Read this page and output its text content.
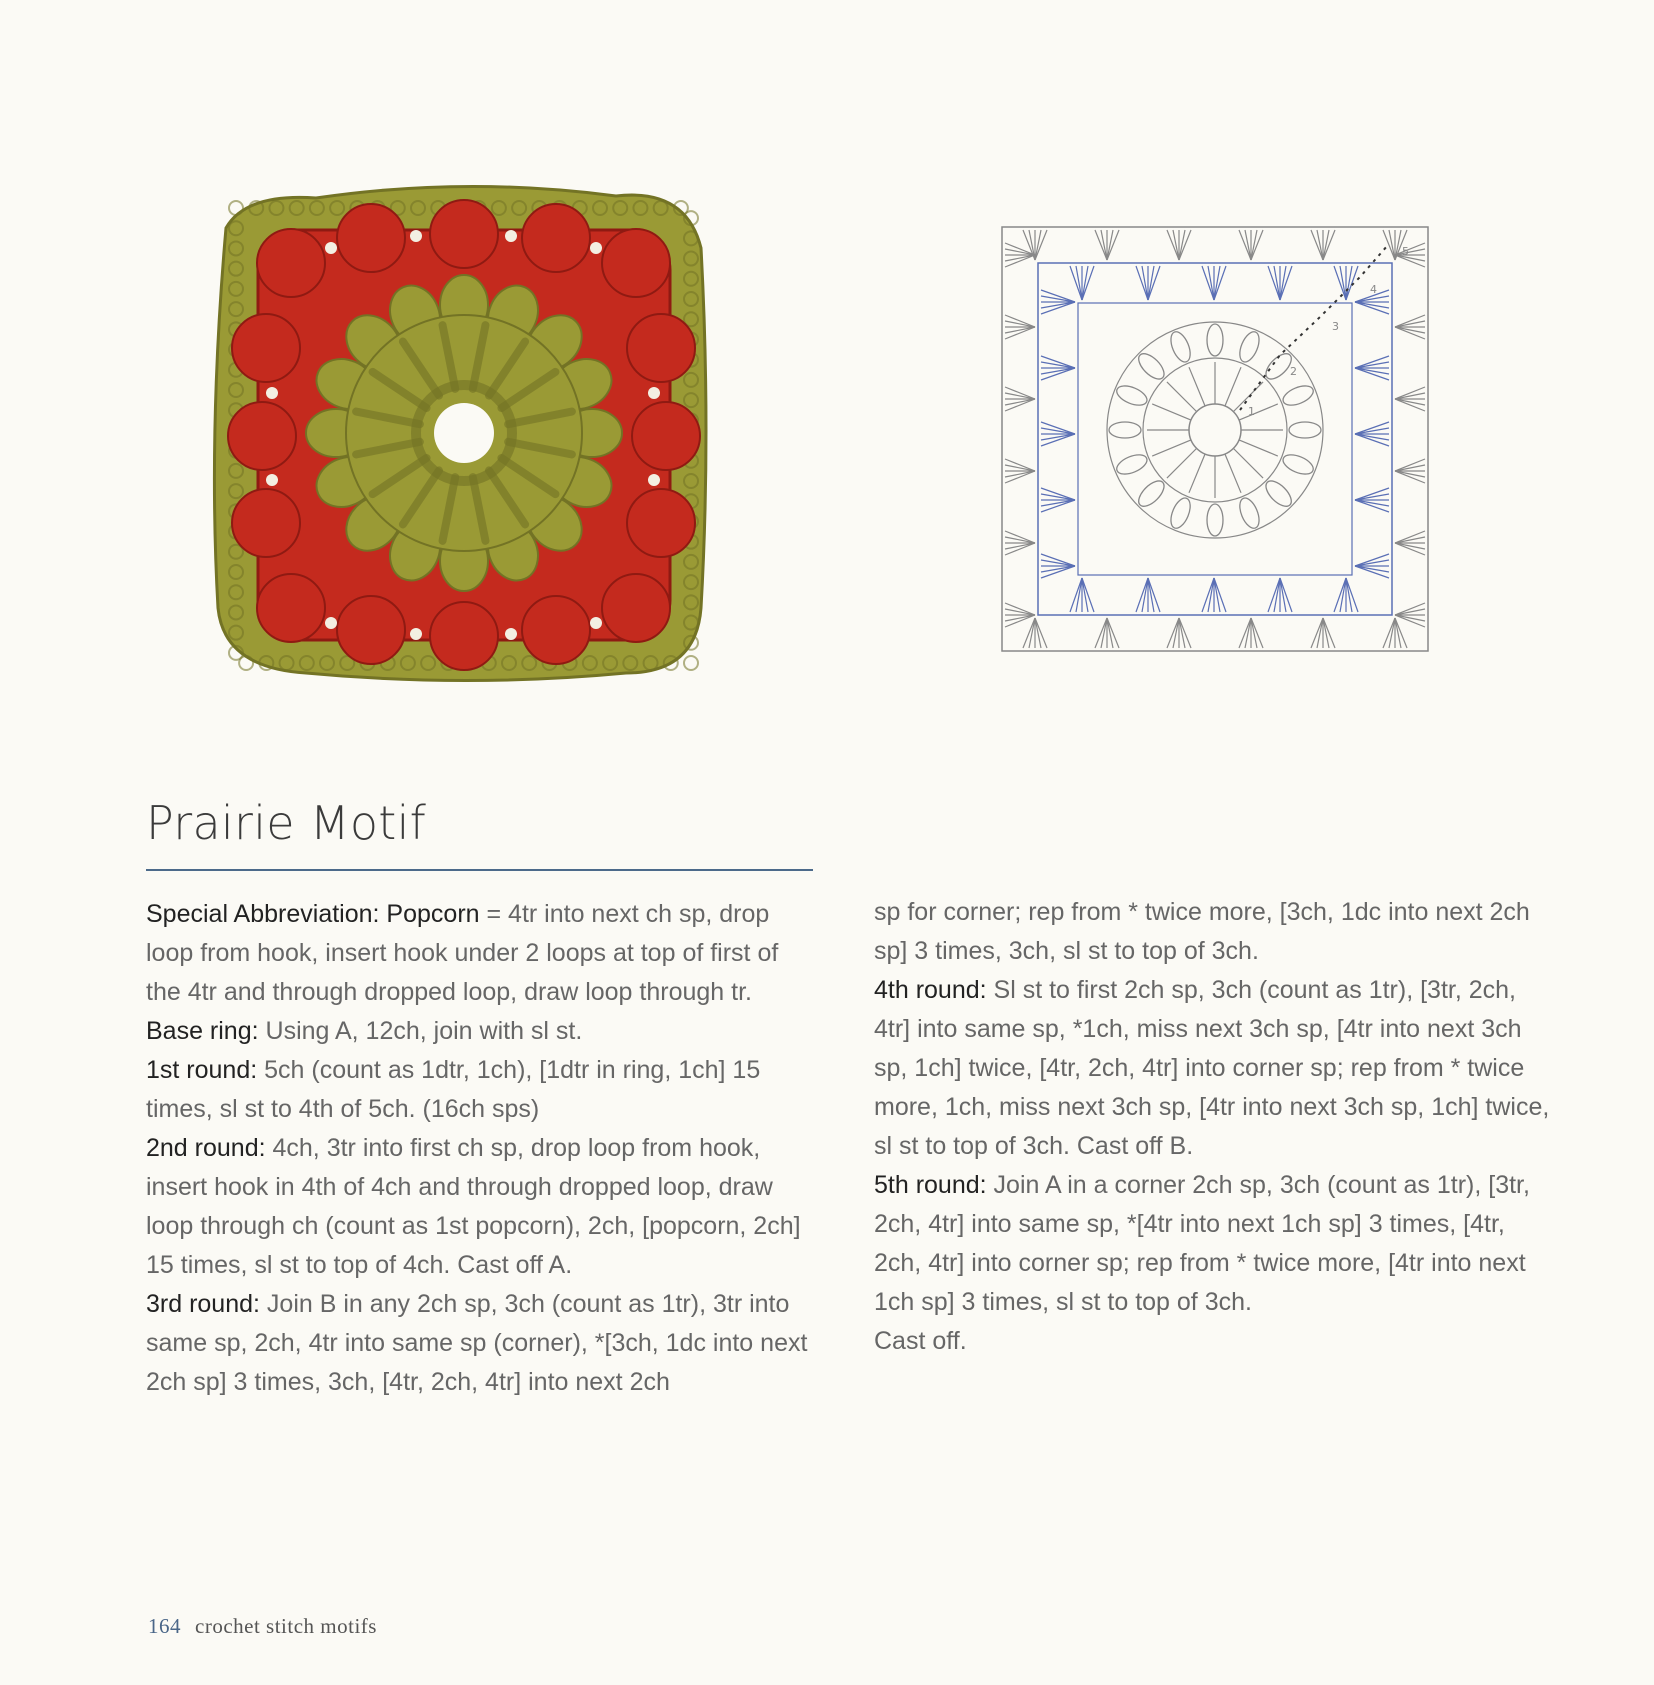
1
2
3
4
5
Prairie Motif

Special Abbreviation: Popcorn = 4tr into next ch sp, drop loop from hook, insert hook under 2 loops at top of first of the 4tr and through dropped loop, draw loop through tr.

Base ring: Using A, 12ch, join with sl st.

1st round: 5ch (count as 1dtr, 1ch), [1dtr in ring, 1ch] 15 times, sl st to 4th of 5ch. (16ch sps)

2nd round: 4ch, 3tr into first ch sp, drop loop from hook, insert hook in 4th of 4ch and through dropped loop, draw loop through ch (count as 1st popcorn), 2ch, [popcorn, 2ch] 15 times, sl st to top of 4ch. Cast off A.

3rd round: Join B in any 2ch sp, 3ch (count as 1tr), 3tr into same sp, 2ch, 4tr into same sp (corner), *[3ch, 1dc into next 2ch sp] 3 times, 3ch, [4tr, 2ch, 4tr] into next 2ch

sp for corner; rep from * twice more, [3ch, 1dc into next 2ch sp] 3 times, 3ch, sl st to top of 3ch.

4th round: Sl st to first 2ch sp, 3ch (count as 1tr), [3tr, 2ch, 4tr] into same sp, *1ch, miss next 3ch sp, [4tr into next 3ch sp, 1ch] twice, [4tr, 2ch, 4tr] into corner sp; rep from * twice more, 1ch, miss next 3ch sp, [4tr into next 3ch sp, 1ch] twice, sl st to top of 3ch. Cast off B.

5th round: Join A in a corner 2ch sp, 3ch (count as 1tr), [3tr, 2ch, 4tr] into same sp, *[4tr into next 1ch sp] 3 times, [4tr, 2ch, 4tr] into corner sp; rep from * twice more, [4tr into next 1ch sp] 3 times, sl st to top of 3ch.

Cast off.

164 crochet stitch motifs
